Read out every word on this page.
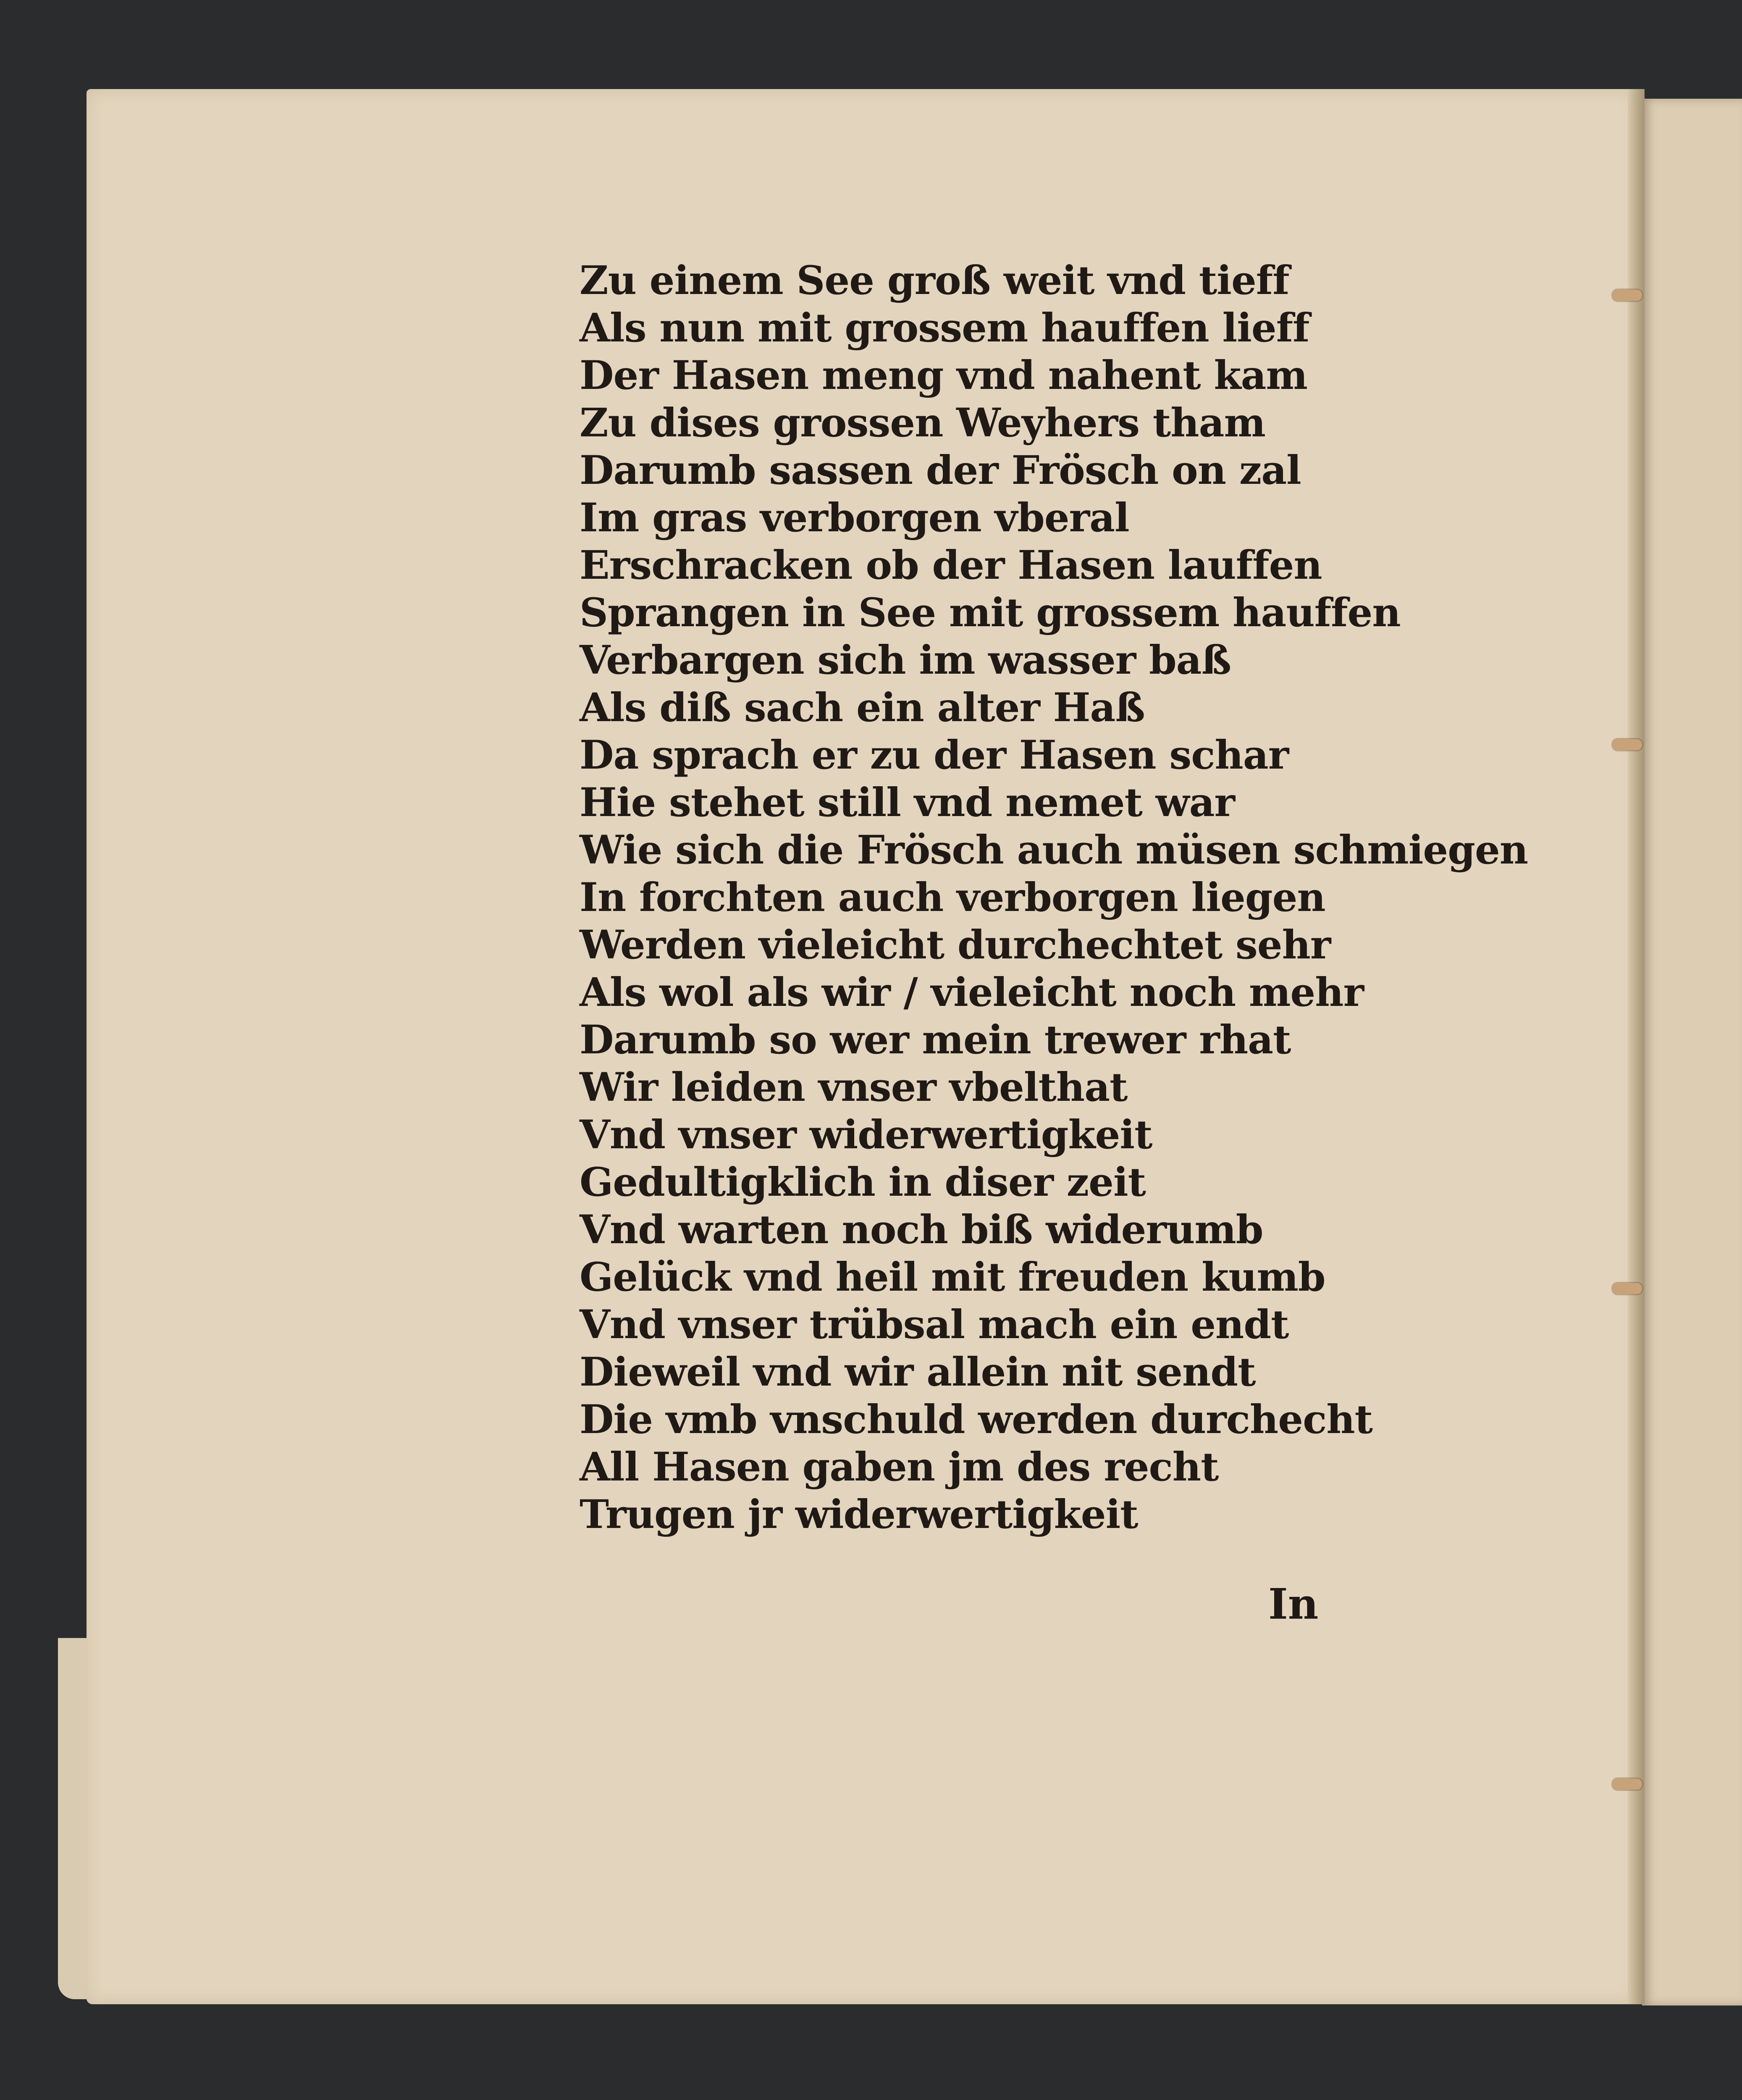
Zu einem See groß weit vnd tieff
Als nun mit grossem hauffen lieff
Der Hasen meng vnd nahent kam
Zu dises grossen Weyhers tham
Darumb sassen der Frösch on zal
Im gras verborgen vberal
Erschracken ob der Hasen lauffen
Sprangen in See mit grossem hauffen
Verbargen sich im wasser baß
Als diß sach ein alter Haß
Da sprach er zu der Hasen schar
Hie stehet still vnd nemet war
Wie sich die Frösch auch müsen schmiegen
In forchten auch verborgen liegen
Werden vieleicht durchechtet sehr
Als wol als wir / vieleicht noch mehr
Darumb so wer mein trewer rhat
Wir leiden vnser vbelthat
Vnd vnser widerwertigkeit
Gedultigklich in diser zeit
Vnd warten noch biß widerumb
Gelück vnd heil mit freuden kumb
Vnd vnser trübsal mach ein endt
Dieweil vnd wir allein nit sendt
Die vmb vnschuld werden durchecht
All Hasen gaben jm des recht
Trugen jr widerwertigkeit
In
